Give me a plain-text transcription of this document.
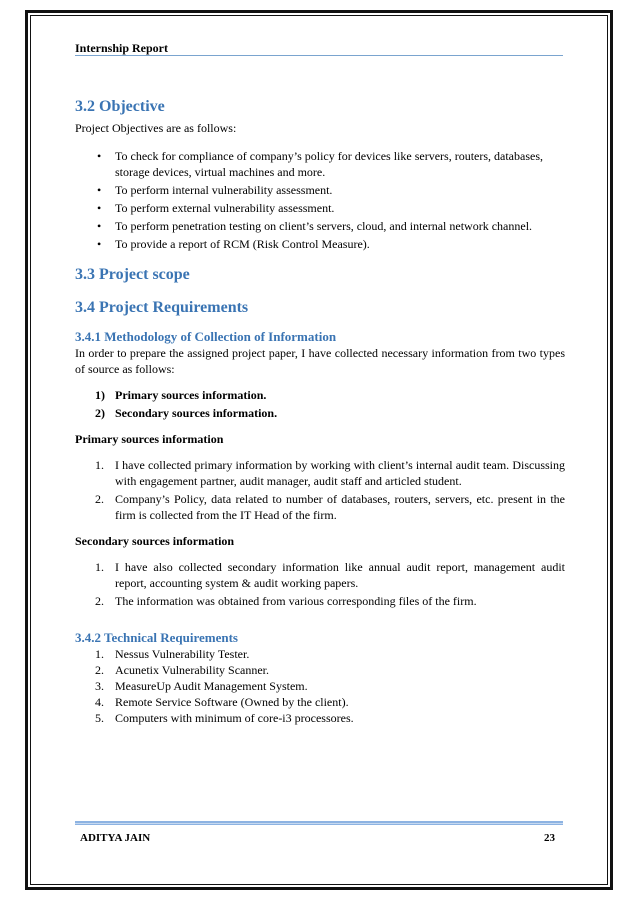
Internship Report
3.2 Objective

Project Objectives are as follows:

• To check for compliance of company’s policy for devices like servers, routers, databases, storage devices, virtual machines and more.
• To perform internal vulnerability assessment.
• To perform external vulnerability assessment.
• To perform penetration testing on client’s servers, cloud, and internal network channel.
• To provide a report of RCM (Risk Control Measure).
3.3 Project scope
3.4 Project Requirements
3.4.1 Methodology of Collection of Information

In order to prepare the assigned project paper, I have collected necessary information from two types of source as follows:

1) Primary sources information.
2) Secondary sources information.

Primary sources information

1. I have collected primary information by working with client’s internal audit team. Discussing with engagement partner, audit manager, audit staff and articled student.
2. Company’s Policy, data related to number of databases, routers, servers, etc. present in the firm is collected from the IT Head of the firm.

Secondary sources information

1. I have also collected secondary information like annual audit report, management audit report, accounting system & audit working papers.
2. The information was obtained from various corresponding files of the firm.
3.4.2 Technical Requirements
1. Nessus Vulnerability Tester.
2. Acunetix Vulnerability Scanner.
3. MeasureUp Audit Management System.
4. Remote Service Software (Owned by the client).
5. Computers with minimum of core-i3 processores.
ADITYA JAIN	23
